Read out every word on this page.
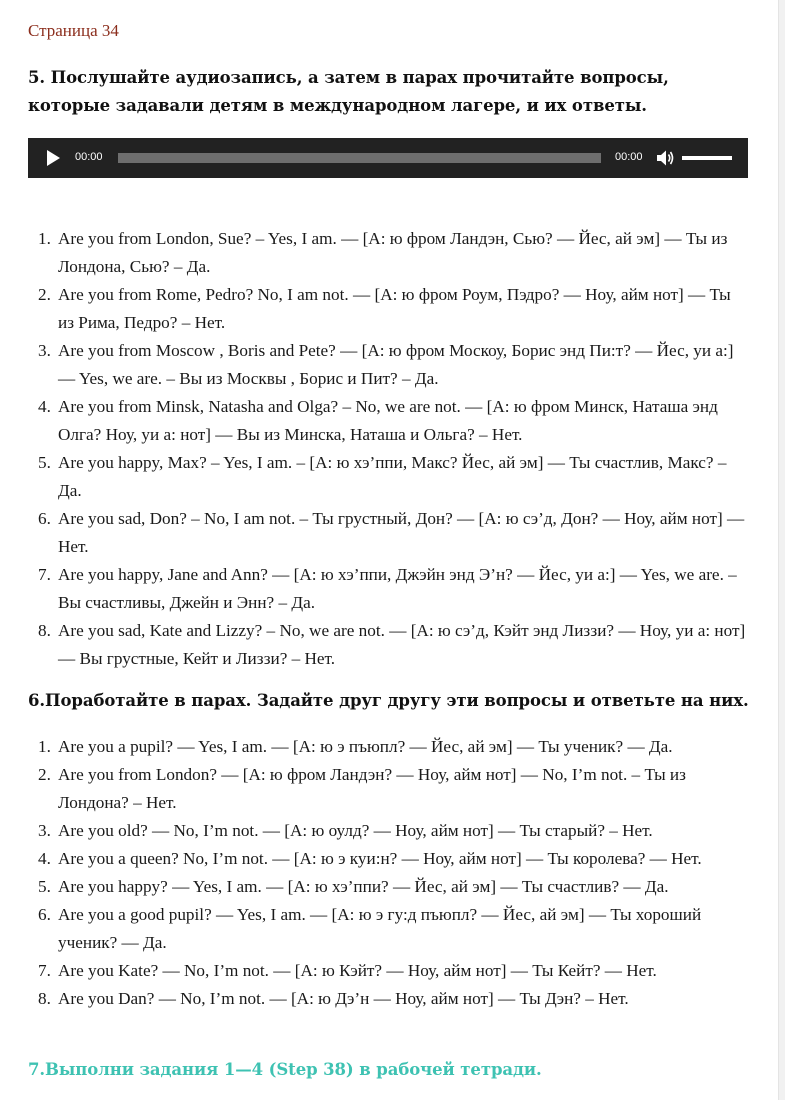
Страница 34
5. Послушайте аудиозапись, а затем в парах прочитайте вопросы, которые задавали детям в международном лагере, и их ответы.
00:00	00:00
1. Are you from London, Sue? – Yes, I am. — [А: ю фром Ландэн, Сью? — Йес, ай эм] — Ты из Лондона, Сью? – Да.
2. Are you from Rome, Pedro? No, I am not. — [А: ю фром Роум, Пэдро? — Ноу, айм нот] — Ты из Рима, Педро? – Нет.
3. Are you from Moscow , Boris and Pete? — [А: ю фром Москоу, Борис энд Пи:т? — Йес, уи а:] — Yes, we are. – Вы из Москвы , Борис и Пит? – Да.
4. Are you from Minsk, Natasha and Olga? – No, we are not. — [А: ю фром Минск, Наташа энд Олга? Ноу, уи а: нот] — Вы из Минска, Наташа и Ольга? – Нет.
5. Are you happy, Max? – Yes, I am. – [А: ю хэ’ппи, Макс? Йес, ай эм] — Ты счастлив, Макс? – Да.
6. Are you sad, Don? – No, I am not. – Ты грустный, Дон? — [А: ю сэ’д, Дон? — Ноу, айм нот] — Нет.
7. Are you happy, Jane and Ann? — [А: ю хэ’ппи, Джэйн энд Э’н? — Йес, уи а:] — Yes, we are. – Вы счастливы, Джейн и Энн? – Да.
8. Are you sad, Kate and Lizzy? – No, we are not. — [А: ю сэ’д, Кэйт энд Лиззи? — Ноу, уи а: нот] — Вы грустные, Кейт и Лиззи? – Нет.
6.Поработайте в парах. Задайте друг другу эти вопросы и ответьте на них.
1. Are you a pupil? — Yes, I am. — [А: ю э пъюпл? — Йес, ай эм] — Ты ученик? — Да.
2. Are you from London? — [А: ю фром Ландэн? — Ноу, айм нот] — No, I’m not. – Ты из Лондона? – Нет.
3. Are you old? — No, I’m not. — [А: ю оулд? — Ноу, айм нот] — Ты старый? – Нет.
4. Are you a queen? No, I’m not. — [А: ю э куи:н? — Ноу, айм нот] — Ты королева? — Нет.
5. Are you happy? — Yes, I am. — [А: ю хэ’ппи? — Йес, ай эм] — Ты счастлив? — Да.
6. Are you a good pupil? — Yes, I am. — [А: ю э гу:д пъюпл? — Йес, ай эм] — Ты хороший ученик? — Да.
7. Are you Kate? — No, I’m not. — [А: ю Кэйт? — Ноу, айм нот] — Ты Кейт? — Нет.
8. Are you Dan? — No, I’m not. — [А: ю Дэ’н — Ноу, айм нот] — Ты Дэн? – Нет.
7.Выполни задания 1—4 (Step 38) в рабочей тетради.
